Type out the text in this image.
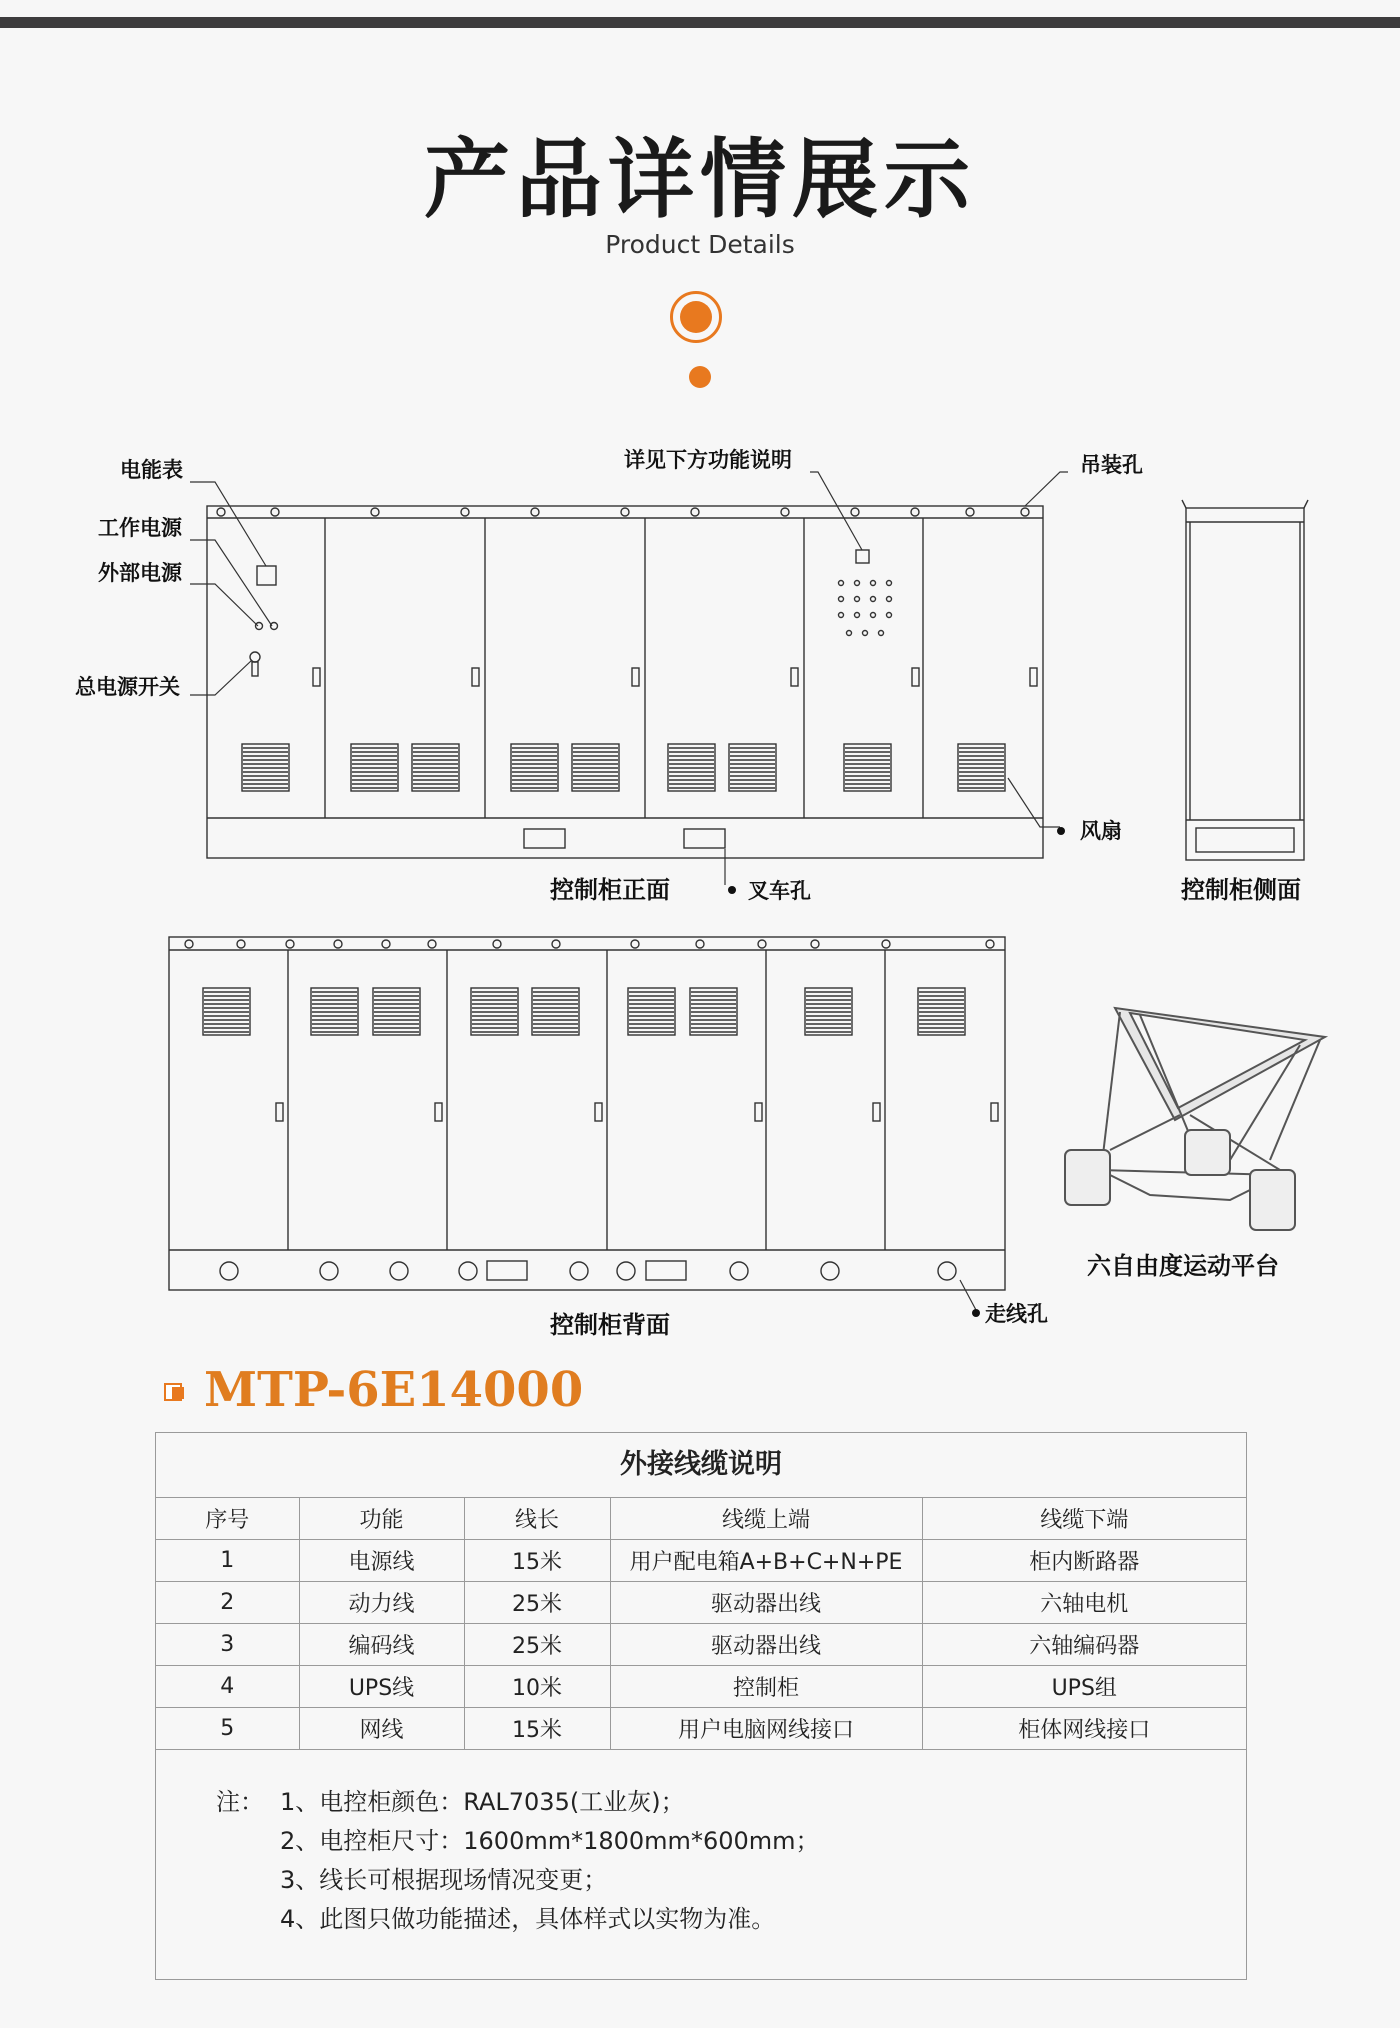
产品详情展示
Product Details
电能表
工作电源
外部电源
总电源开关
详见下方功能说明	吊装孔
风扇
叉车孔
控制柜正面	控制柜侧面
控制柜背面	走线孔
六自由度运动平台
MTP-6E14000
外接线缆说明
序号	功能	线长	线缆上端	线缆下端
1	电源线	15米	用户配电箱A+B+C+N+PE	柜内断路器
2	动力线	25米	驱动器出线	六轴电机
3	编码线	25米	驱动器出线	六轴编码器
4	UPS线	10米	控制柜	UPS组
5	网线	15米	用户电脑网线接口	柜体网线接口
注： 1、电控柜颜色：RAL7035(工业灰)；
2、电控柜尺寸：1600mm*1800mm*600mm；
3、线长可根据现场情况变更；
4、此图只做功能描述，具体样式以实物为准。
